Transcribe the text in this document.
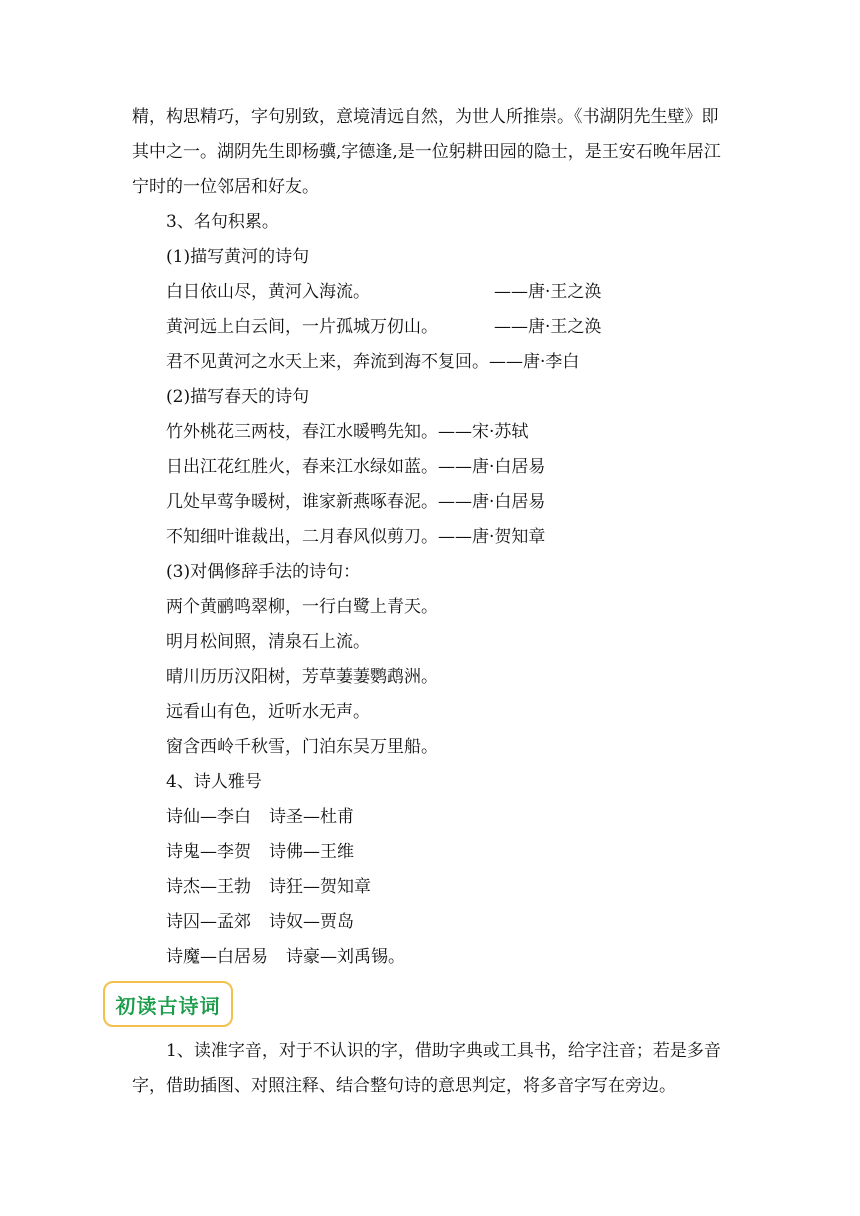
精，构思精巧，字句别致，意境清远自然，为世人所推崇。《书湖阴先生壁》即
其中之一。湖阴先生即杨骥,字德逢,是一位躬耕田园的隐士，是王安石晚年居江
宁时的一位邻居和好友。
3、名句积累。
(1)描写黄河的诗句
白日依山尽，黄河入海流。	——唐·王之涣
黄河远上白云间，一片孤城万仞山。	——唐·王之涣
君不见黄河之水天上来，奔流到海不复回。——唐·李白
(2)描写春天的诗句
竹外桃花三两枝，春江水暖鸭先知。——宋·苏轼
日出江花红胜火，春来江水绿如蓝。——唐·白居易
几处早莺争暖树，谁家新燕啄春泥。——唐·白居易
不知细叶谁裁出，二月春风似剪刀。——唐·贺知章
(3)对偶修辞手法的诗句：
两个黄鹂鸣翠柳，一行白鹭上青天。
明月松间照，清泉石上流。
晴川历历汉阳树，芳草萋萋鹦鹉洲。
远看山有色，近听水无声。
窗含西岭千秋雪，门泊东吴万里船。
4、诗人雅号
诗仙—李白 诗圣—杜甫
诗鬼—李贺 诗佛—王维
诗杰—王勃 诗狂—贺知章
诗囚—孟郊 诗奴—贾岛
诗魔—白居易 诗豪—刘禹锡。
初读古诗词
1、读准字音，对于不认识的字，借助字典或工具书，给字注音；若是多音
字，借助插图、对照注释、结合整句诗的意思判定，将多音字写在旁边。
